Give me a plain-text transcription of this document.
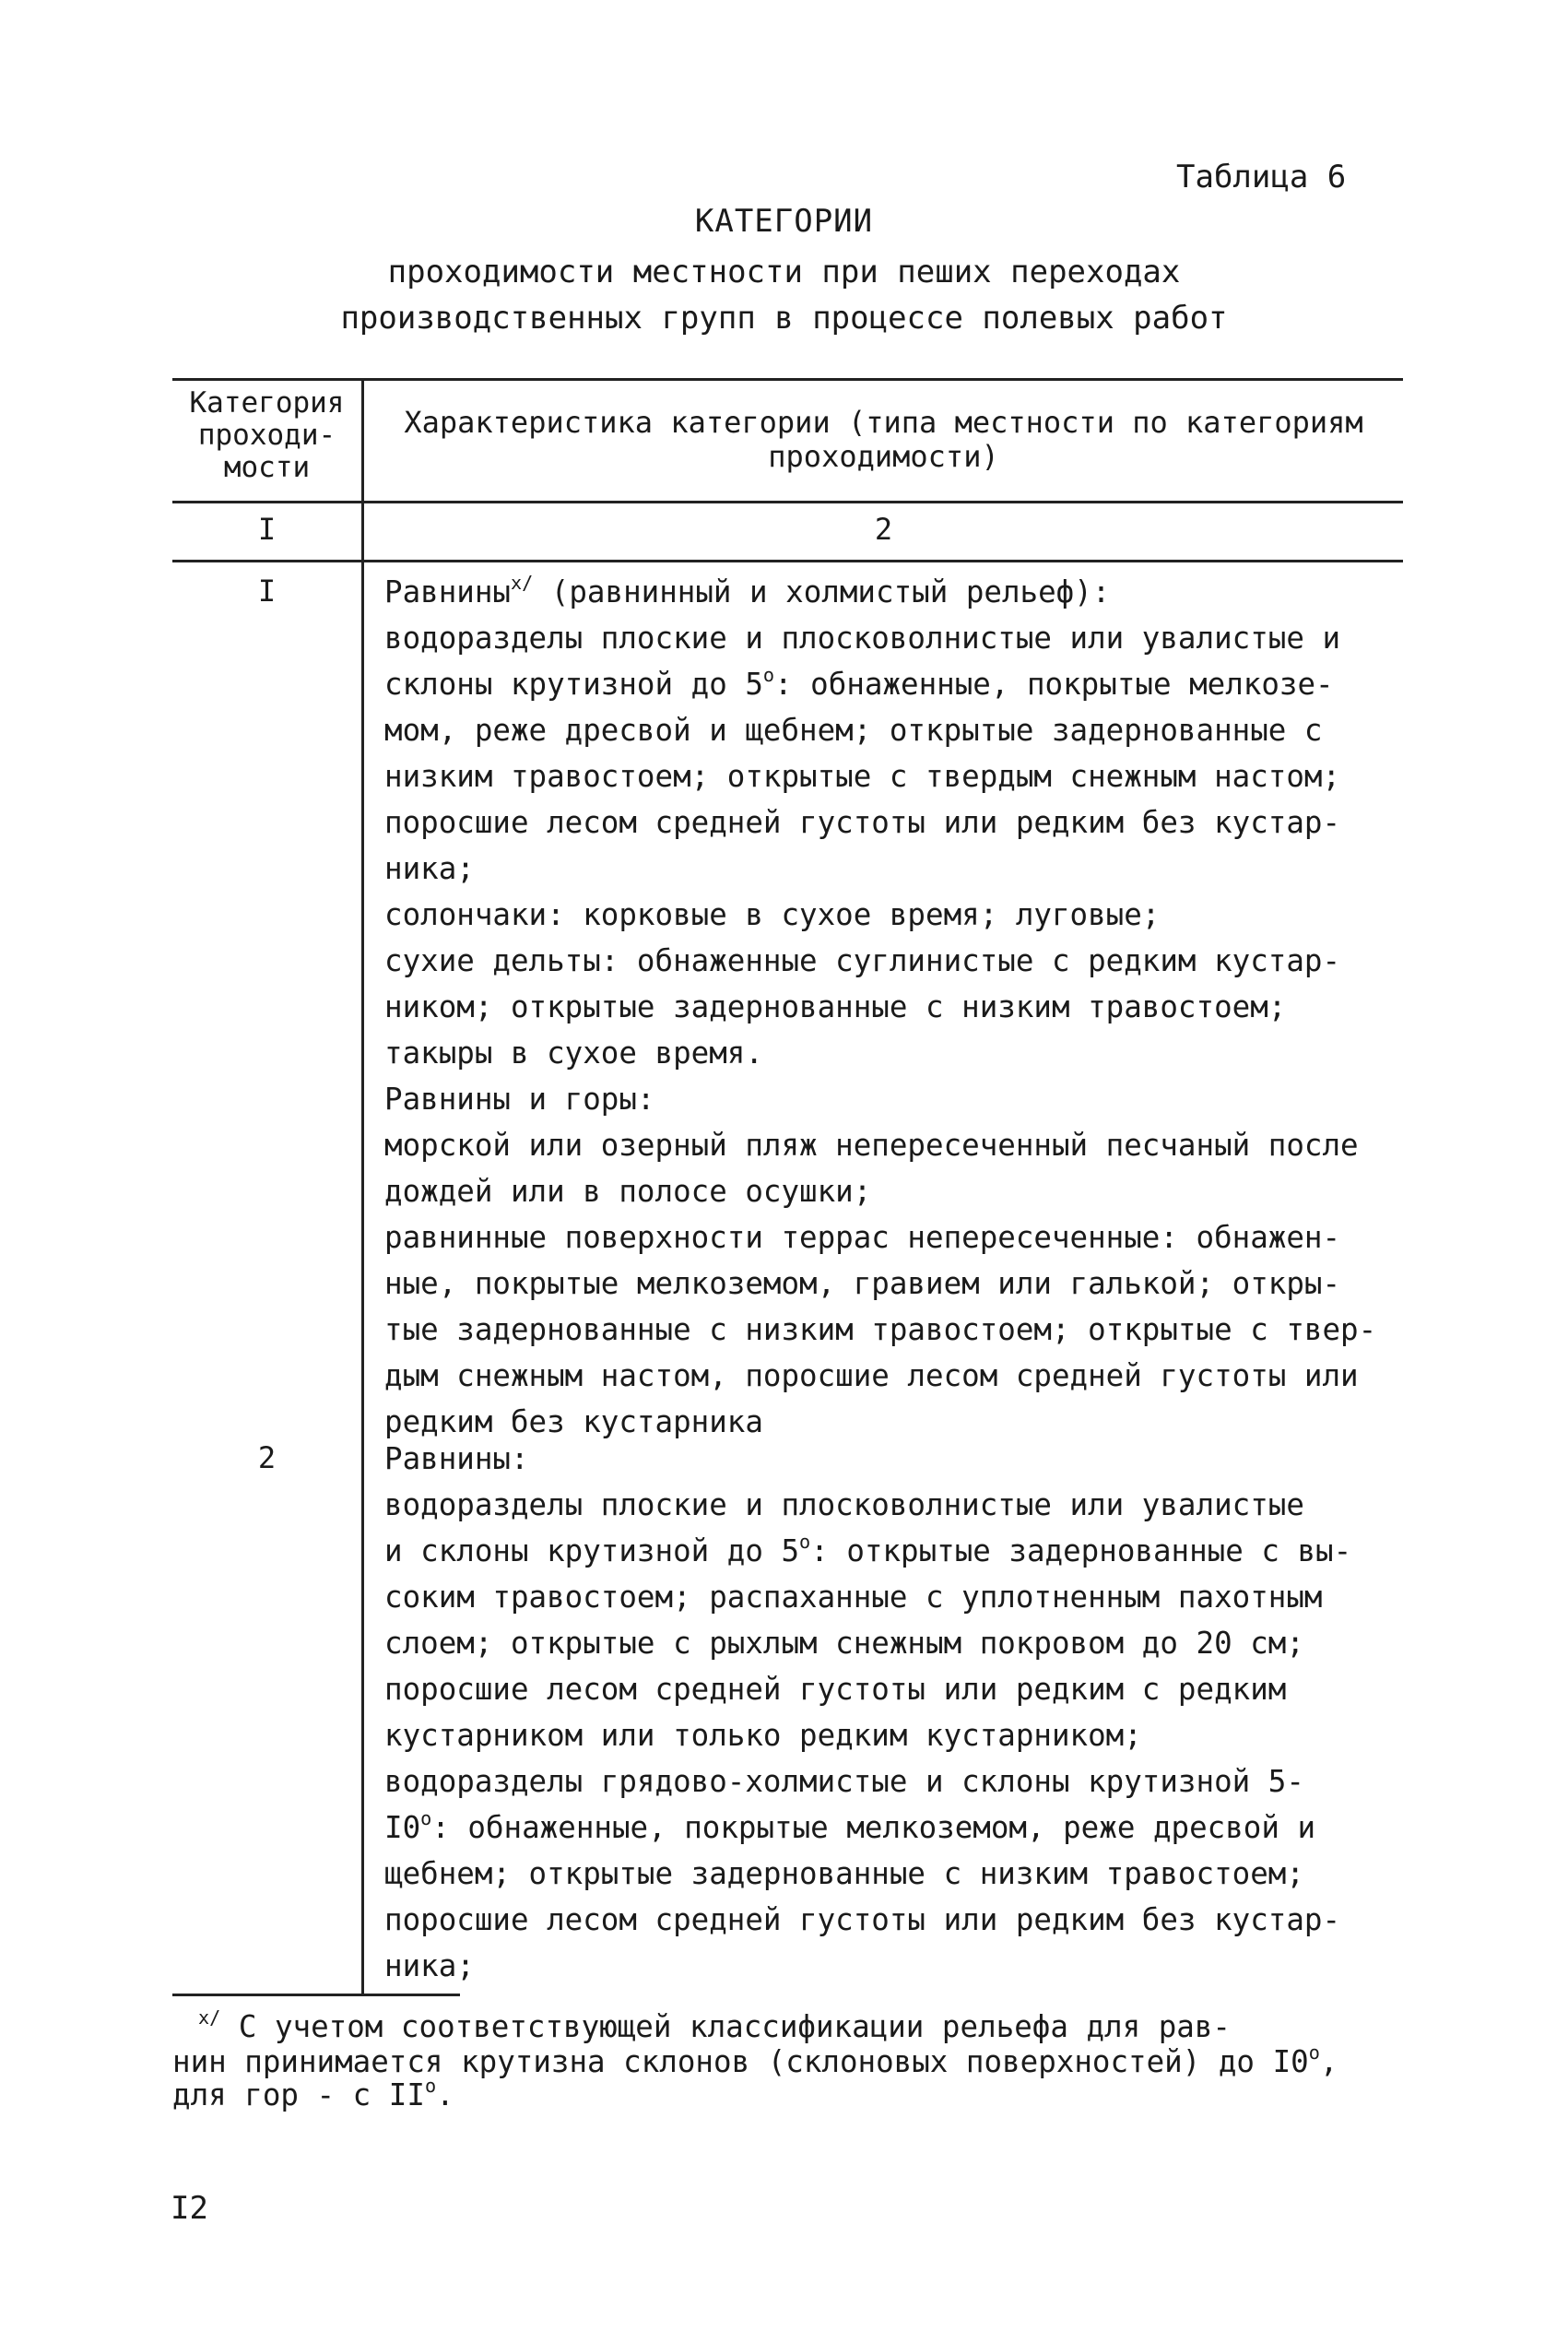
Таблица 6
КАТЕГОРИИ
проходимости местности при пеших переходах
производственных групп в процессе полевых работ
Категория проходи- мости
Характеристика категории (типа местности по категориям проходимости)
I	2
I
2
Равнины$^{х/}$ (равнинный и холмистый рельеф):
водоразделы плоские и плосковолнистые или увалистые и
склоны крутизной до $5^о$: обнаженные, покрытые мелкозе-
мом, реже дресвой и щебнем; открытые задернованные с
низким травостоем; открытые с твердым снежным настом;
поросшие лесом средней густоты или редким без кустар-
ника;
солончаки: корковые в сухое время; луговые;
сухие дельты: обнаженные суглинистые с редким кустар-
ником; открытые задернованные с низким травостоем;
такыры в сухое время.
Равнины и горы:
морской или озерный пляж непересеченный песчаный после
дождей или в полосе осушки;
равнинные поверхности террас непересеченные: обнажен-
ные, покрытые мелкоземом, гравием или галькой; откры-
тые задернованные с низким травостоем; открытые с твер-
дым снежным настом, поросшие лесом средней густоты или
редким без кустарника
Равнины:
водоразделы плоские и плосковолнистые или увалистые
и склоны крутизной до $5^о$: открытые задернованные с вы-
соким травостоем; распаханные с уплотненным пахотным
слоем; открытые с рыхлым снежным покровом до 20 см;
поросшие лесом средней густоты или редким с редким
кустарником или только редким кустарником;
водоразделы грядово-холмистые и склоны крутизной 5-
$I0^о$: обнаженные, покрытые мелкоземом, реже дресвой и
щебнем; открытые задернованные с низким травостоем;
поросшие лесом средней густоты или редким без кустар-
ника;
$^{х/}$ С учетом соответствующей классификации рельефа для рав-
нин принимается крутизна склонов (склоновых поверхностей) до $I0^о$,
для гор - с $II^о$.
I2
